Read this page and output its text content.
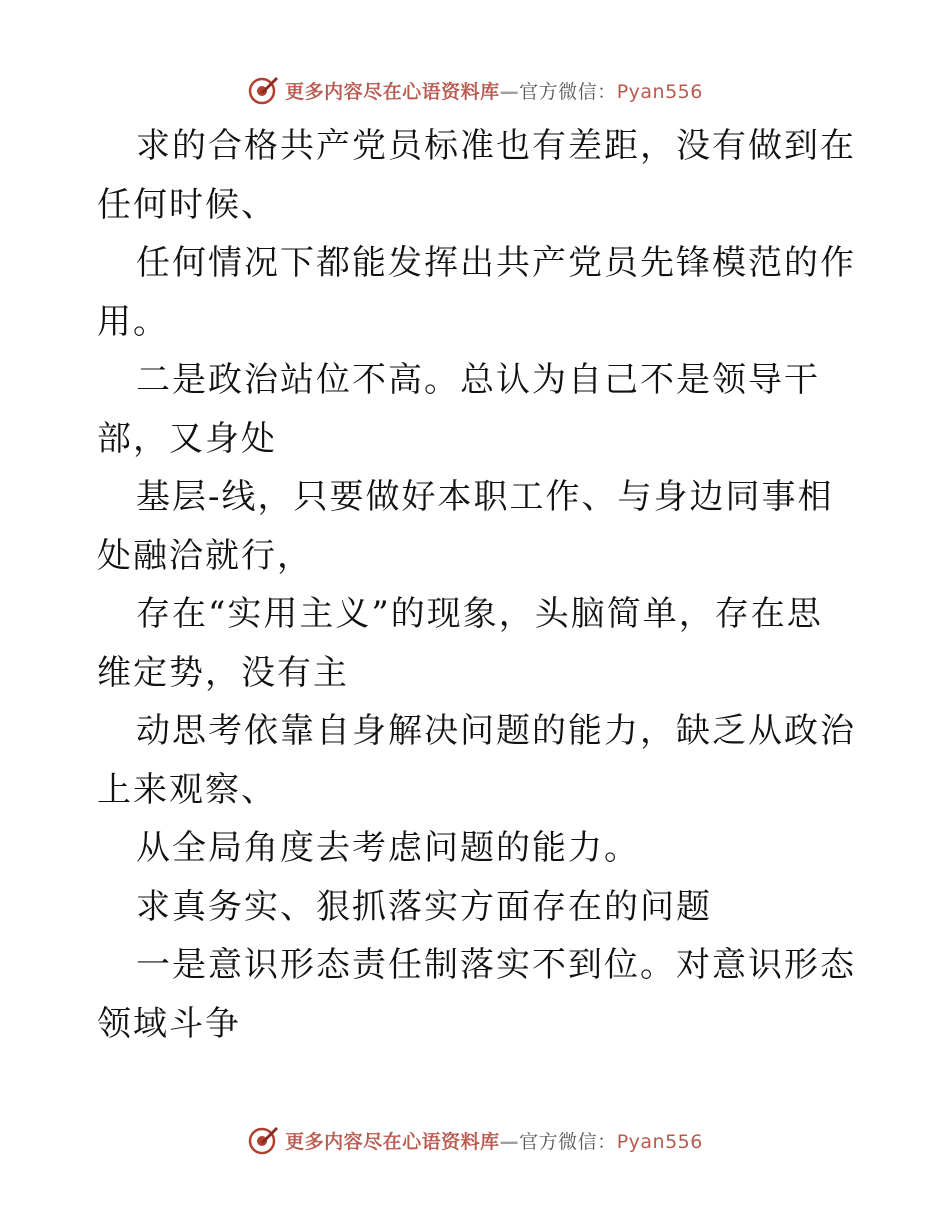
更多内容尽在心语资料库—官方微信：Pyan556

求的合格共产党员标准也有差距，没有做到在任何时候、

任何情况下都能发挥出共产党员先锋模范的作用。

二是政治站位不高。总认为自己不是领导干部，又身处

基层-线，只要做好本职工作、与身边同事相处融洽就行，

存在“实用主义”的现象，头脑简单，存在思维定势，没有主

动思考依靠自身解决问题的能力，缺乏从政治上来观察、

从全局角度去考虑问题的能力。

求真务实、狠抓落实方面存在的问题

一是意识形态责任制落实不到位。对意识形态领域斗争

更多内容尽在心语资料库—官方微信：Pyan556
